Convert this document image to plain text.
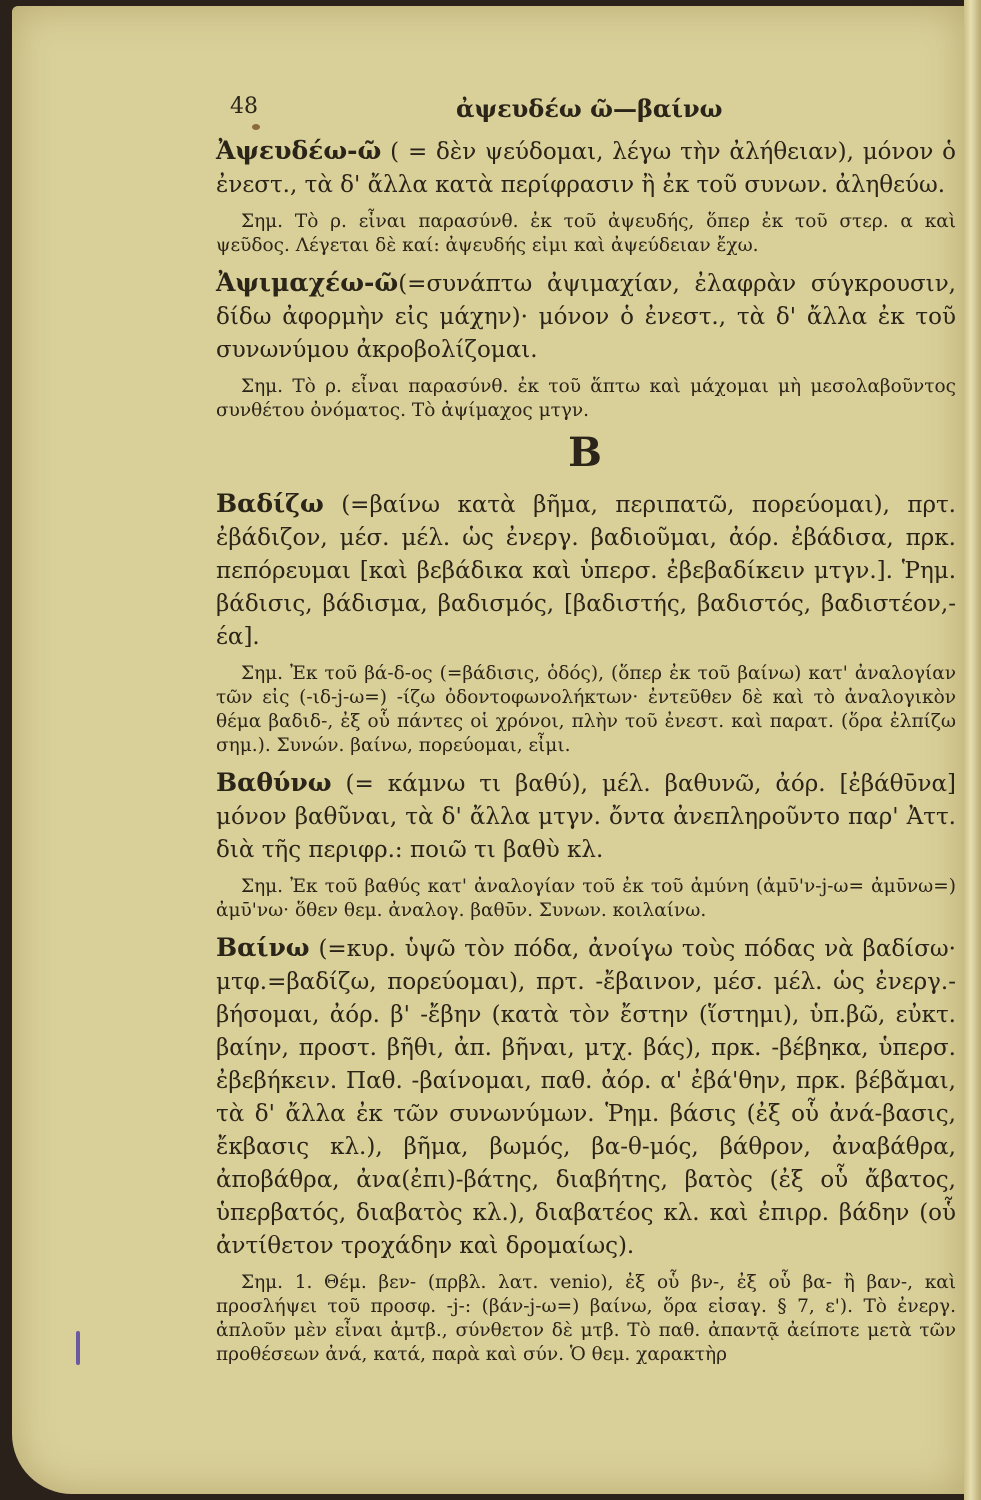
48	ἀψευδέω ῶ—βαίνω

Ἀψευδέω-ῶ ( = δὲν ψεύδομαι, λέγω τὴν ἀλήθειαν), μόνον ὁ ἐνεστ., τὰ δ' ἄλλα κατὰ περίφρασιν ἢ ἐκ τοῦ συνων. ἀληθεύω.

Σημ. Τὸ ρ. εἶναι παρασύνθ. ἐκ τοῦ ἀψευδής, ὅπερ ἐκ τοῦ στερ. α καὶ ψεῦδος. Λέγεται δὲ καί: ἀψευδής εἰμι καὶ ἀψεύδειαν ἔχω.

Ἀψιμαχέω-ῶ(=συνάπτω ἀψιμαχίαν, ἐλαφρὰν σύγκρουσιν, δίδω ἀφορμὴν εἰς μάχην)· μόνον ὁ ἐνεστ., τὰ δ' ἄλλα ἐκ τοῦ συνωνύμου ἀκροβολίζομαι.

Σημ. Τὸ ρ. εἶναι παρασύνθ. ἐκ τοῦ ἅπτω καὶ μάχομαι μὴ μεσολαβοῦντος συνθέτου ὀνόματος. Τὸ ἀψίμαχος μτγν.

B

Βαδίζω (=βαίνω κατὰ βῆμα, περιπατῶ, πορεύομαι), πρτ. ἐβάδιζον, μέσ. μέλ. ὡς ἐνεργ. βαδιοῦμαι, ἀόρ. ἐβάδισα, πρκ. πεπόρευμαι [καὶ βεβάδικα καὶ ὑπερσ. ἐβεβαδίκειν μτγν.]. Ῥημ. βάδισις, βάδισμα, βαδισμός, [βαδιστής, βαδιστός, βαδιστέον,-έα].

Σημ. Ἐκ τοῦ βά-δ-ος (=βάδισις, ὁδός), (ὅπερ ἐκ τοῦ βαίνω) κατ' ἀναλογίαν τῶν εἰς (-ιδ-j-ω=) -ίζω ὀδοντοφωνολήκτων· ἐντεῦθεν δὲ καὶ τὸ ἀναλογικὸν θέμα βαδιδ-, ἐξ οὗ πάντες οἱ χρόνοι, πλὴν τοῦ ἐνεστ. καὶ παρατ. (ὅρα ἐλπίζω σημ.). Συνών. βαίνω, πορεύομαι, εἶμι.

Βαθύνω (= κάμνω τι βαθύ), μέλ. βαθυνῶ, ἀόρ. [ἐβάθῡνα] μόνον βαθῦναι, τὰ δ' ἄλλα μτγν. ὄντα ἀνεπληροῦντο παρ' Ἀττ. διὰ τῆς περιφρ.: ποιῶ τι βαθὺ κλ.

Σημ. Ἐκ τοῦ βαθύς κατ' ἀναλογίαν τοῦ ἐκ τοῦ ἀμύνη (ἀμῡ'ν-j-ω= ἀμῡνω=) ἀμῡ'νω· ὅθεν θεμ. ἀναλογ. βαθῡν. Συνων. κοιλαίνω.

Βαίνω (=κυρ. ὑψῶ τὸν πόδα, ἀνοίγω τοὺς πόδας νὰ βαδίσω· μτφ.=βαδίζω, πορεύομαι), πρτ. -ἔβαινον, μέσ. μέλ. ὡς ἐνεργ.-βήσομαι, ἀόρ. β' -ἔβην (κατὰ τὸν ἔστην (ἵστημι), ὑπ.βῶ, εὐκτ. βαίην, προστ. βῆθι, ἀπ. βῆναι, μτχ. βάς), πρκ. -βέβηκα, ὑπερσ. ἐβεβήκειν. Παθ. -βαίνομαι, παθ. ἀόρ. α' ἐβά'θην, πρκ. βέβᾰμαι, τὰ δ' ἄλλα ἐκ τῶν συνωνύμων. Ῥημ. βάσις (ἐξ οὗ ἀνά-βασις, ἔκβασις κλ.), βῆμα, βωμός, βα-θ-μός, βάθρον, ἀναβάθρα, ἀποβάθρα, ἀνα(ἐπι)-βάτης, διαβήτης, βατὸς (ἐξ οὗ ἄβατος, ὑπερβατός, διαβατὸς κλ.), διαβατέος κλ. καὶ ἐπιρρ. βάδην (οὗ ἀντίθετον τροχάδην καὶ δρομαίως).

Σημ. 1. Θέμ. βεν- (πρβλ. λατ. venio), ἐξ οὗ βν-, ἐξ οὗ βα- ἢ βαν-, καὶ προσλήψει τοῦ προσφ. -j-: (βάν-j-ω=) βαίνω, ὅρα εἰσαγ. § 7, ε'). Τὸ ἐνεργ. ἁπλοῦν μὲν εἶναι ἀμτβ., σύνθετον δὲ μτβ. Τὸ παθ. ἀπαντᾷ ἀείποτε μετὰ τῶν προθέσεων ἀνά, κατά, παρὰ καὶ σύν. Ὁ θεμ. χαρακτὴρ
